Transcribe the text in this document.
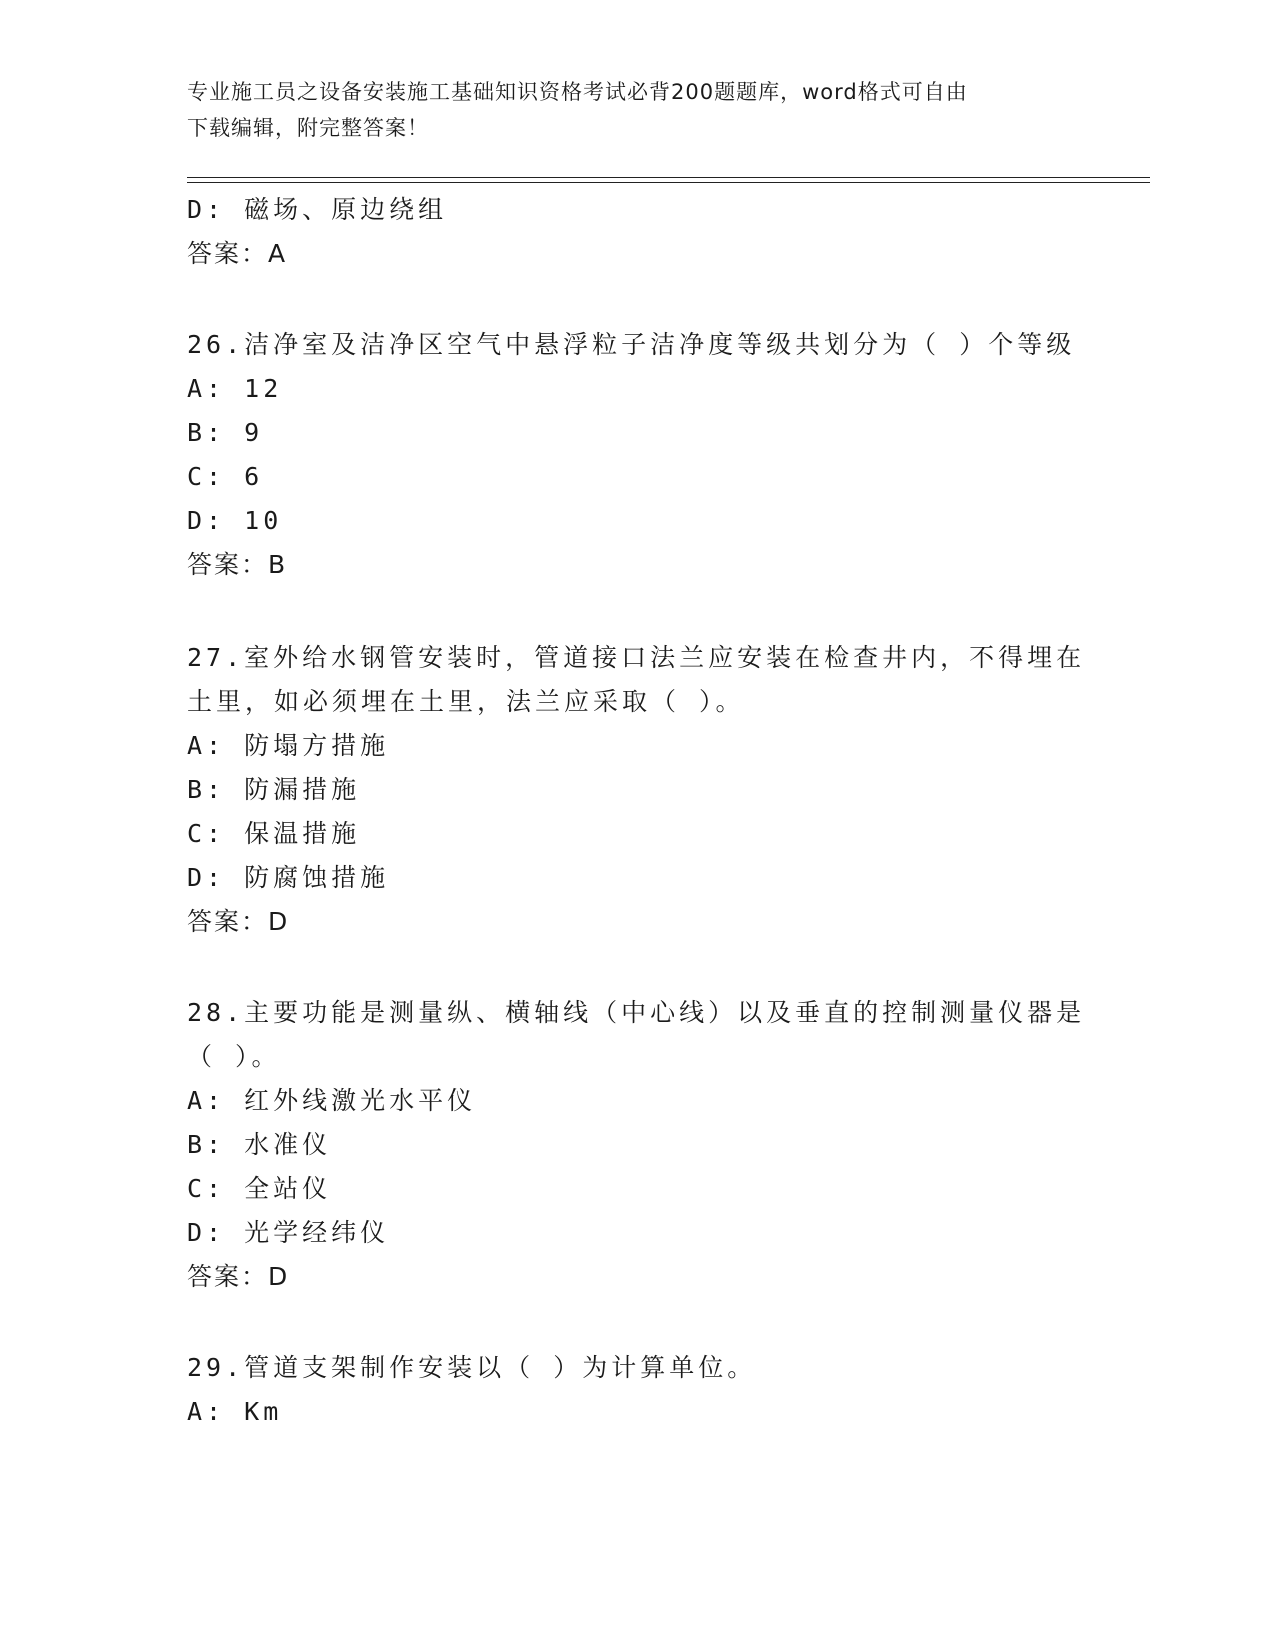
专业施工员之设备安装施工基础知识资格考试必背200题题库，word格式可自由
下载编辑，附完整答案！
D: 磁场、原边绕组
答案：A
26.洁净室及洁净区空气中悬浮粒子洁净度等级共划分为（ ）个等级
A: 12
B: 9
C: 6
D: 10
答案：B
27.室外给水钢管安装时，管道接口法兰应安装在检查井内，不得埋在
土里，如必须埋在土里，法兰应采取（ ）。
A: 防塌方措施
B: 防漏措施
C: 保温措施
D: 防腐蚀措施
答案：D
28.主要功能是测量纵、横轴线（中心线）以及垂直的控制测量仪器是
（ ）。
A: 红外线激光水平仪
B: 水准仪
C: 全站仪
D: 光学经纬仪
答案：D
29.管道支架制作安装以（ ）为计算单位。
A: Km
